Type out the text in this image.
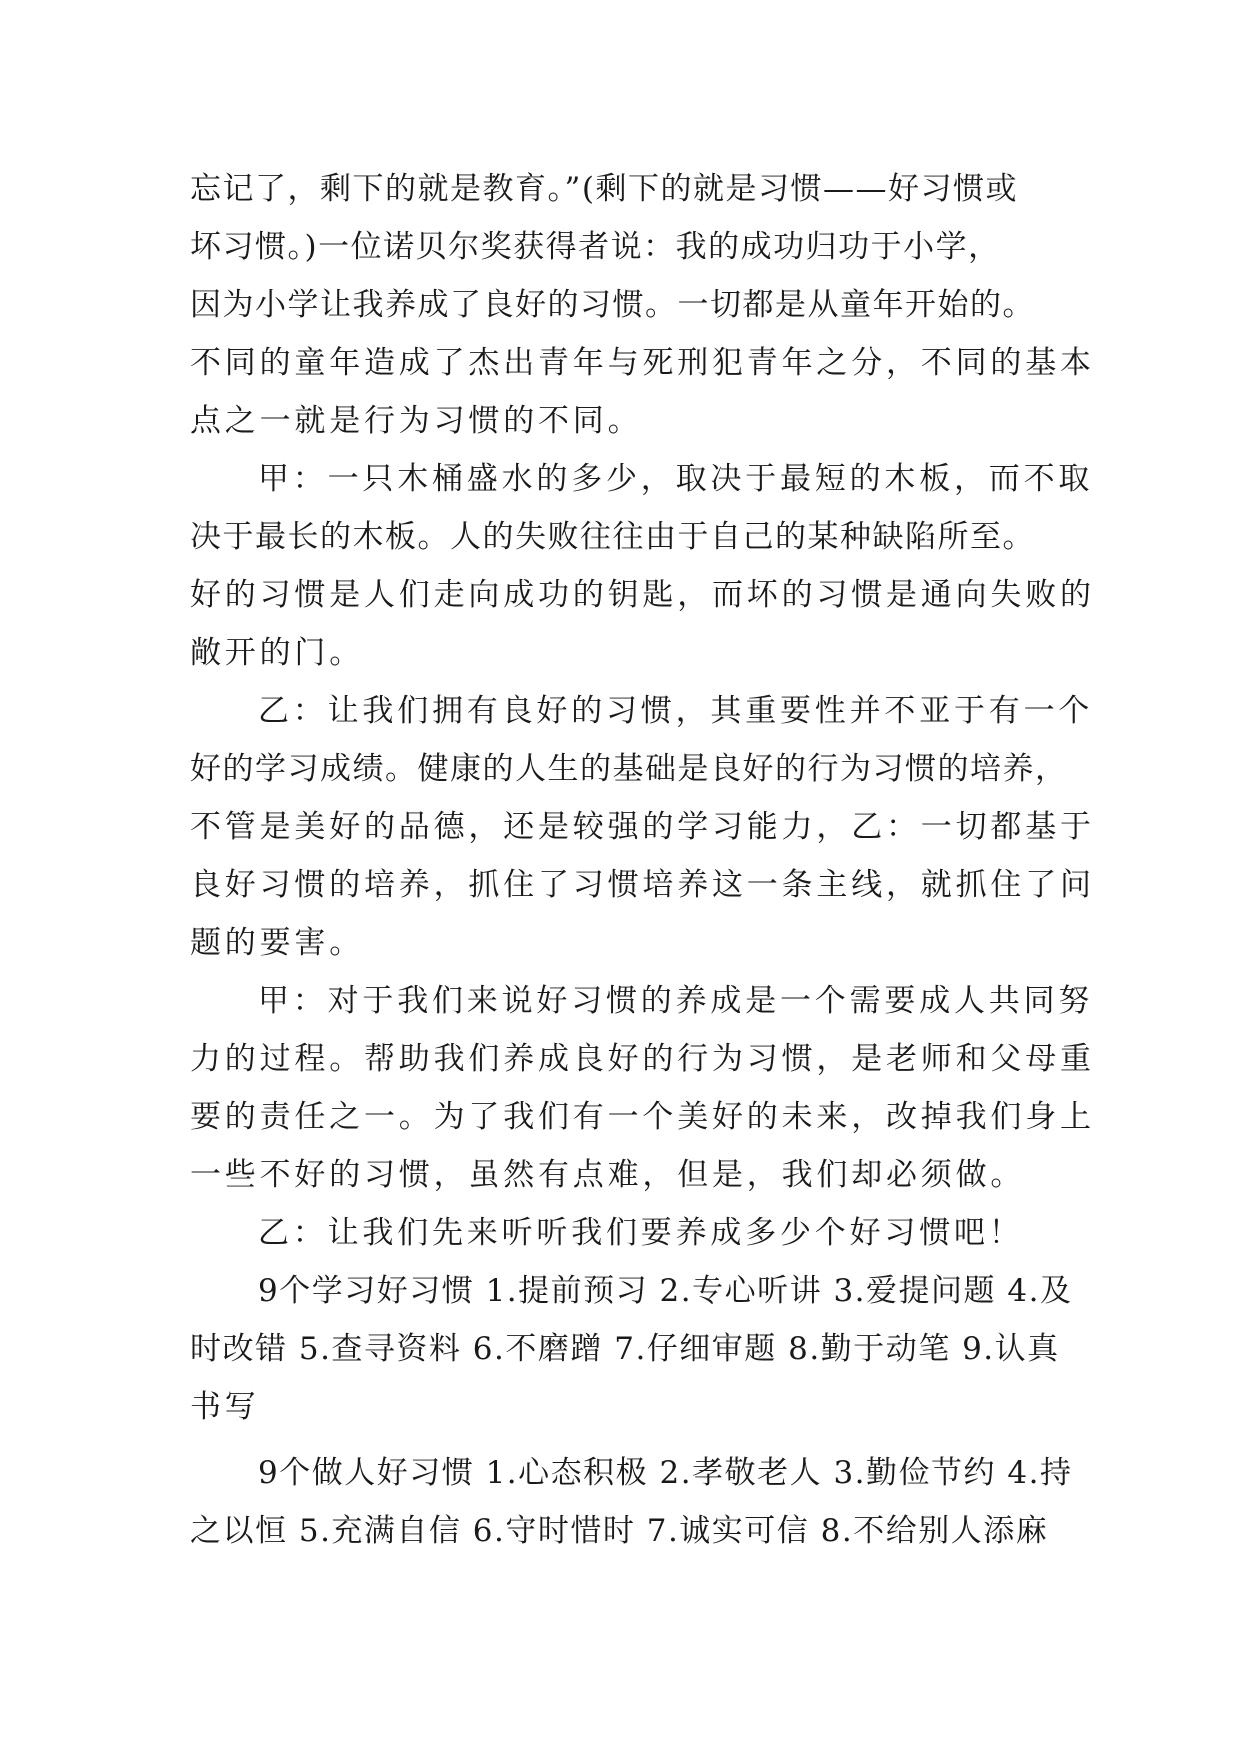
忘记了，剩下的就是教育。”(剩下的就是习惯——好习惯或
坏习惯。)一位诺贝尔奖获得者说：我的成功归功于小学，
因为小学让我养成了良好的习惯。一切都是从童年开始的。
不同的童年造成了杰出青年与死刑犯青年之分，不同的基本
点之一就是行为习惯的不同。
甲：一只木桶盛水的多少，取决于最短的木板，而不取
决于最长的木板。人的失败往往由于自己的某种缺陷所至。
好的习惯是人们走向成功的钥匙，而坏的习惯是通向失败的
敞开的门。
乙：让我们拥有良好的习惯，其重要性并不亚于有一个
好的学习成绩。健康的人生的基础是良好的行为习惯的培养，
不管是美好的品德，还是较强的学习能力，乙：一切都基于
良好习惯的培养，抓住了习惯培养这一条主线，就抓住了问
题的要害。
甲：对于我们来说好习惯的养成是一个需要成人共同努
力的过程。帮助我们养成良好的行为习惯，是老师和父母重
要的责任之一。为了我们有一个美好的未来，改掉我们身上
一些不好的习惯，虽然有点难，但是，我们却必须做。
乙：让我们先来听听我们要养成多少个好习惯吧！
9个学习好习惯 1.提前预习 2.专心听讲 3.爱提问题 4.及
时改错 5.查寻资料 6.不磨蹭 7.仔细审题 8.勤于动笔 9.认真
书写
9个做人好习惯 1.心态积极 2.孝敬老人 3.勤俭节约 4.持
之以恒 5.充满自信 6.守时惜时 7.诚实可信 8.不给别人添麻
